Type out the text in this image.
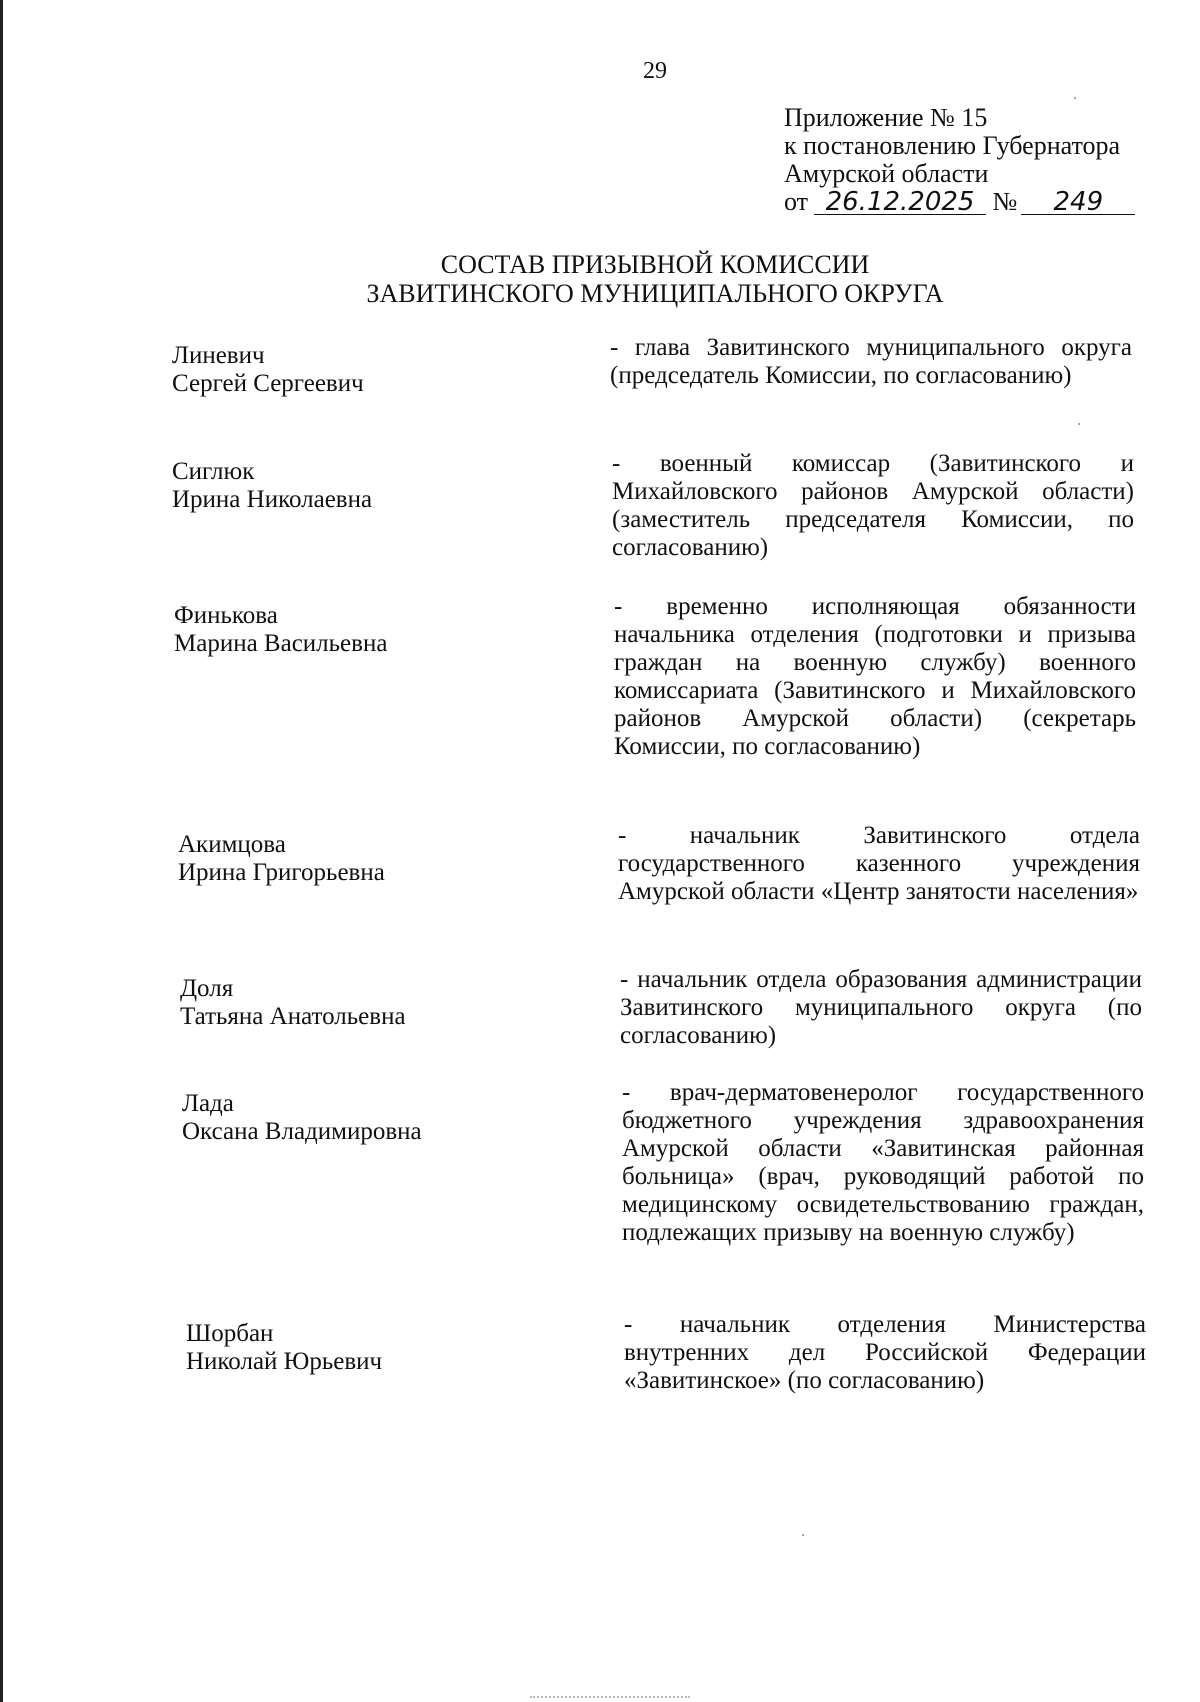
29
Приложение № 15
к постановлению Губернатора
Амурской области
от 26.12.2025 № 249
СОСТАВ ПРИЗЫВНОЙ КОМИССИИ
ЗАВИТИНСКОГО МУНИЦИПАЛЬНОГО ОКРУГА
Линевич
Сергей Сергеевич
- глава Завитинского муниципального округа (председатель Комиссии, по согласованию)
Сиглюк
Ирина Николаевна
- военный комиссар (Завитинского и Михайловского районов Амурской области) (заместитель председателя Комиссии, по согласованию)
Финькова
Марина Васильевна
- временно исполняющая обязанности начальника отделения (подготовки и призыва граждан на военную службу) военного комиссариата (Завитинского и Михайловского районов Амурской области) (секретарь Комиссии, по согласованию)
Акимцова
Ирина Григорьевна
- начальник Завитинского отдела государственного казенного учреждения Амурской области «Центр занятости населения»
Доля
Татьяна Анатольевна
- начальник отдела образования администрации Завитинского муниципального округа (по согласованию)
Лада
Оксана Владимировна
- врач-дерматовенеролог государственного бюджетного учреждения здравоохранения Амурской области «Завитинская районная больница» (врач, руководящий работой по медицинскому освидетельствованию граждан, подлежащих призыву на военную службу)
Шорбан
Николай Юрьевич
- начальник отделения Министерства внутренних дел Российской Федерации «Завитинское» (по согласованию)
